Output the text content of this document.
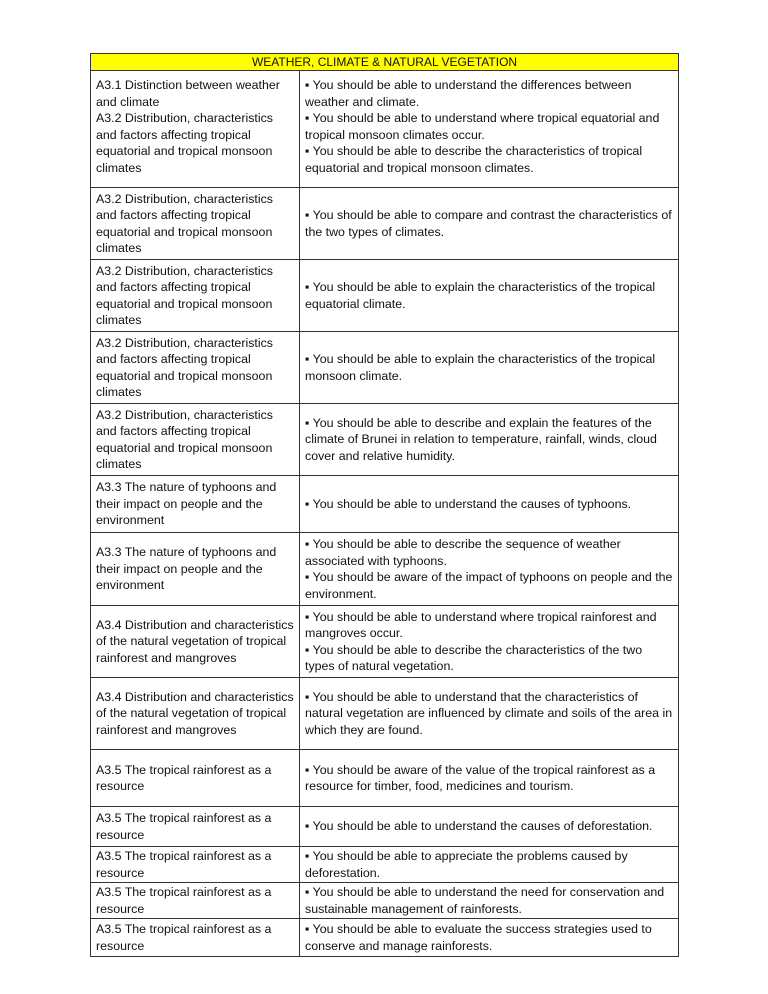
WEATHER, CLIMATE & NATURAL VEGETATION	

A3.1 Distinction between weather and climate
A3.2 Distribution, characteristics and factors affecting tropical equatorial and tropical monsoon climates	▪ You should be able to understand the differences between weather and climate.
▪ You should be able to understand where tropical equatorial and tropical monsoon climates occur.
▪ You should be able to describe the characteristics of tropical equatorial and tropical monsoon climates.

A3.2 Distribution, characteristics and factors affecting tropical equatorial and tropical monsoon climates	▪ You should be able to compare and contrast the characteristics of the two types of climates.

A3.2 Distribution, characteristics and factors affecting tropical equatorial and tropical monsoon climates	▪ You should be able to explain the characteristics of the tropical equatorial climate.

A3.2 Distribution, characteristics and factors affecting tropical equatorial and tropical monsoon climates	▪ You should be able to explain the characteristics of the tropical monsoon climate.

A3.2 Distribution, characteristics and factors affecting tropical equatorial and tropical monsoon climates	▪ You should be able to describe and explain the features of the climate of Brunei in relation to temperature, rainfall, winds, cloud cover and relative humidity.

A3.3 The nature of typhoons and their impact on people and the environment	▪ You should be able to understand the causes of typhoons.

A3.3 The nature of typhoons and their impact on people and the environment	▪ You should be able to describe the sequence of weather associated with typhoons.
▪ You should be aware of the impact of typhoons on people and the environment.

A3.4 Distribution and characteristics of the natural vegetation of tropical rainforest and mangroves	▪ You should be able to understand where tropical rainforest and mangroves occur.
▪ You should be able to describe the characteristics of the two types of natural vegetation.

A3.4 Distribution and characteristics of the natural vegetation of tropical rainforest and mangroves	▪ You should be able to understand that the characteristics of natural vegetation are influenced by climate and soils of the area in which they are found.

A3.5 The tropical rainforest as a resource	▪ You should be aware of the value of the tropical rainforest as a resource for timber, food, medicines and tourism.

A3.5 The tropical rainforest as a resource	▪ You should be able to understand the causes of deforestation.

A3.5 The tropical rainforest as a resource	▪ You should be able to appreciate the problems caused by deforestation.

A3.5 The tropical rainforest as a resource	▪ You should be able to understand the need for conservation and sustainable management of rainforests.

A3.5 The tropical rainforest as a resource	▪ You should be able to evaluate the success strategies used to conserve and manage rainforests.
